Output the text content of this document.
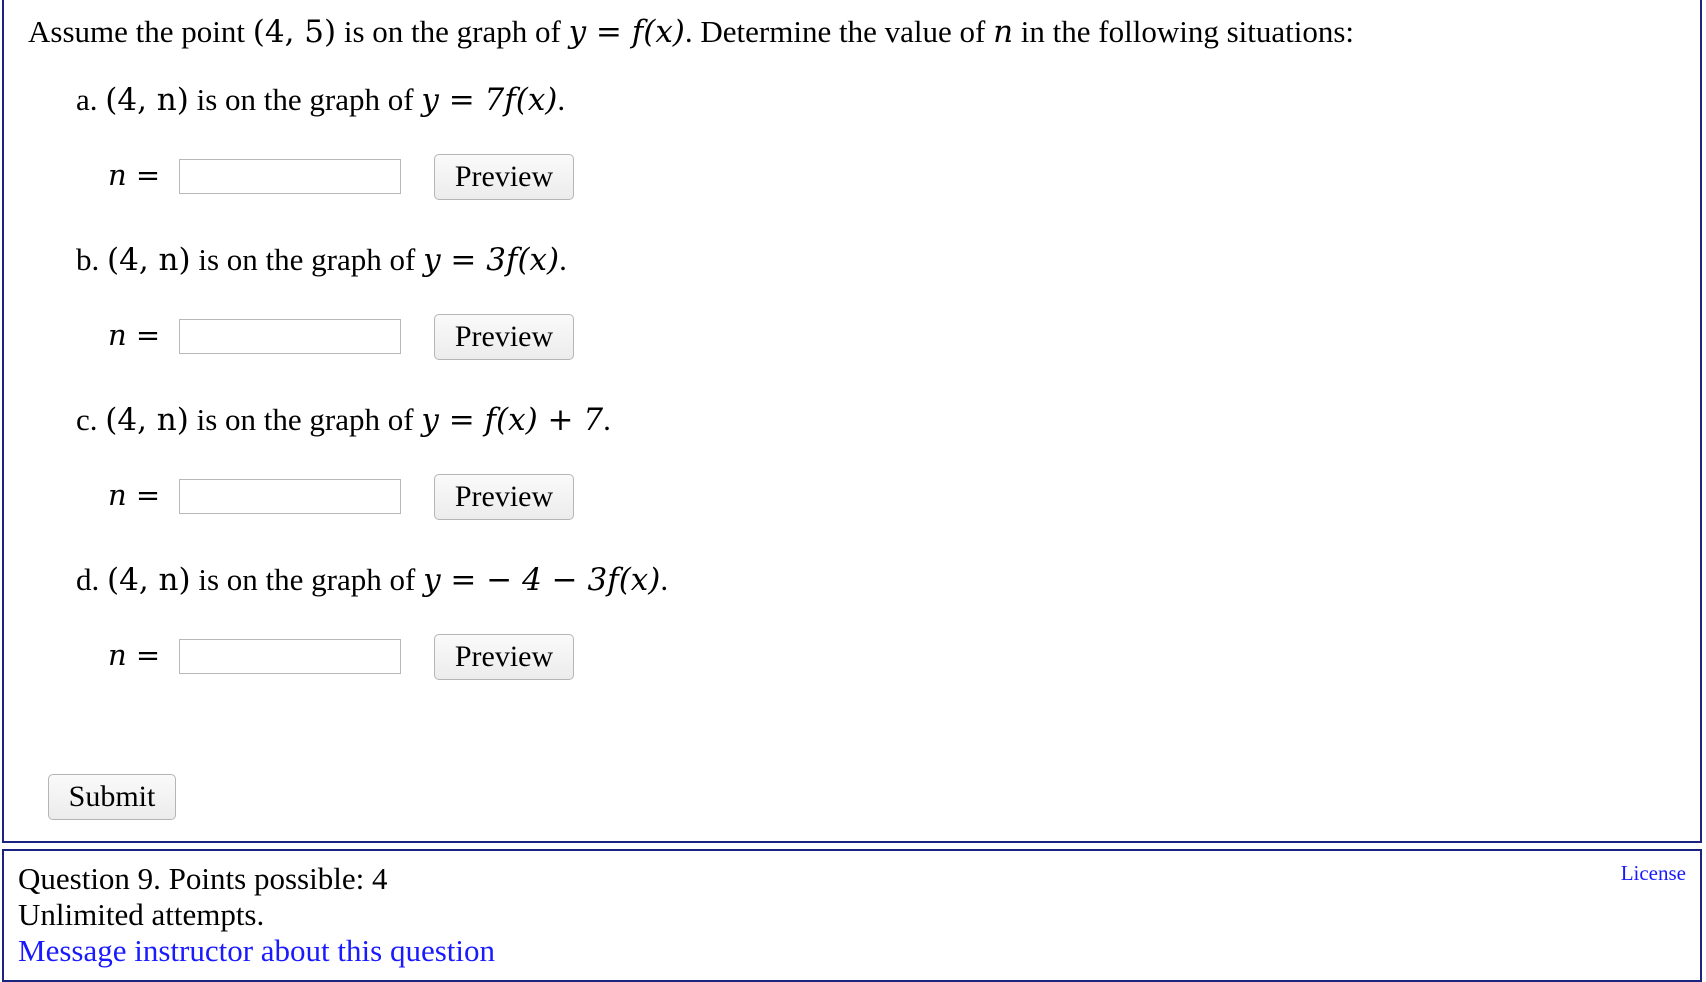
Assume the point (4, 5) is on the graph of y = f(x). Determine the value of n in the following situations:
a. (4, n) is on the graph of y = 7f(x).
n =	Preview
b. (4, n) is on the graph of y = 3f(x).
n =	Preview
c. (4, n) is on the graph of y = f(x) + 7.
n =	Preview
d. (4, n) is on the graph of y = − 4 − 3f(x).
n =	Preview
Submit
Question 9. Points possible: 4
Unlimited attempts.
Message instructor about this question
License
